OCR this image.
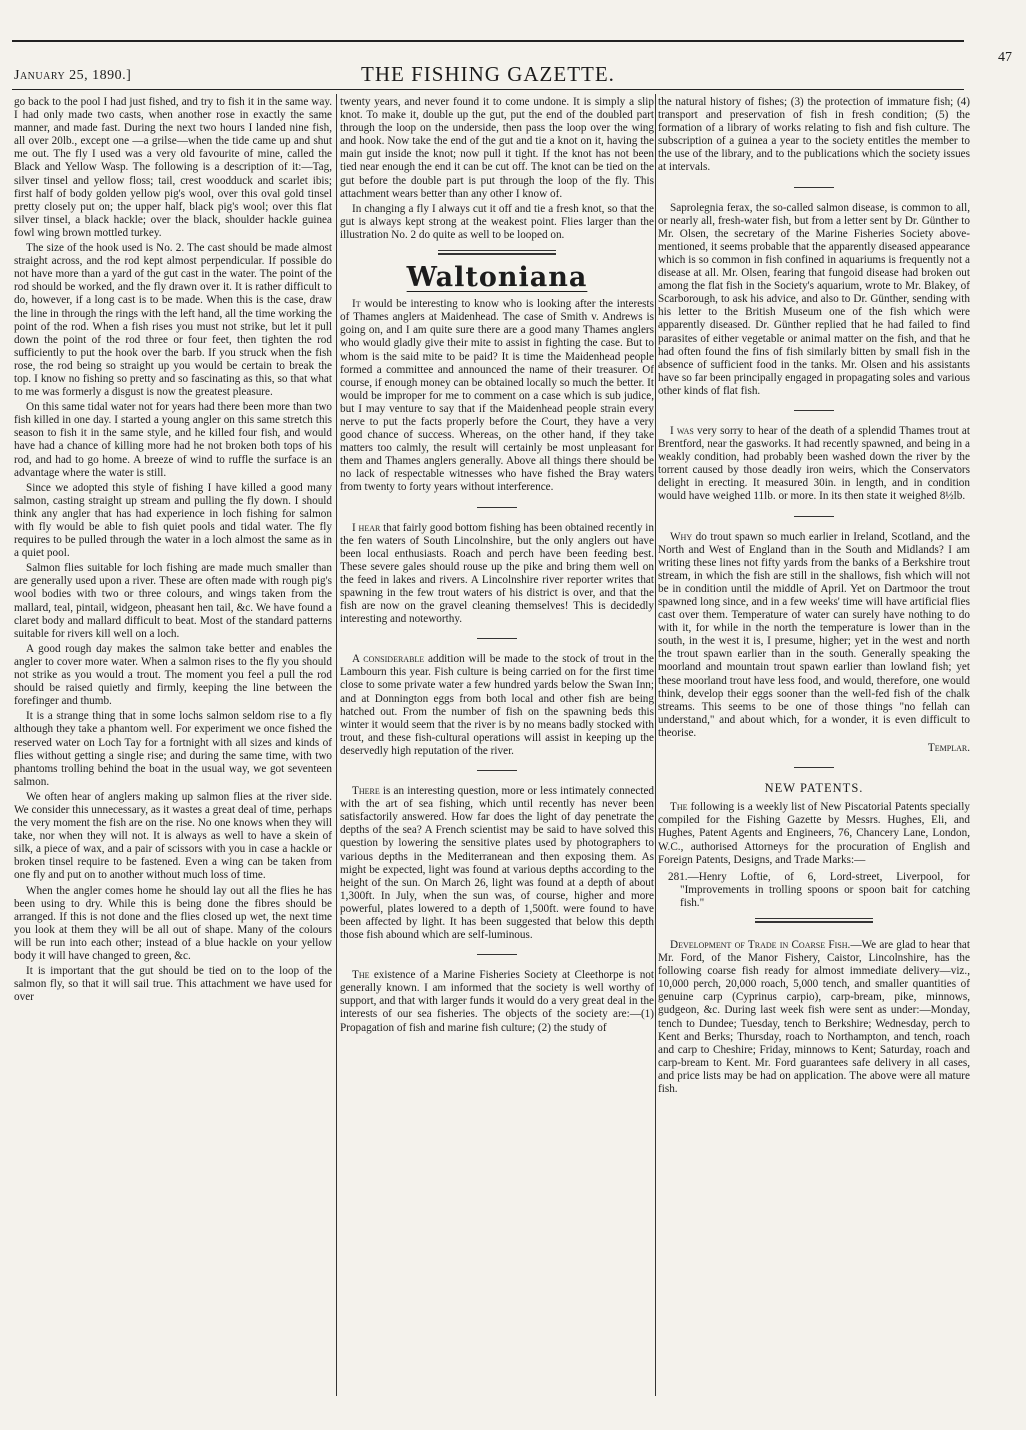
January 25, 1890.]	THE FISHING GAZETTE.
47

go back to the pool I had just fished, and try to fish it in the same way. I had only made two casts, when another rose in exactly the same manner, and made fast. During the next two hours I landed nine fish, all over 20lb., except one —a grilse—when the tide came up and shut me out. The fly I used was a very old favourite of mine, called the Black and Yellow Wasp. The following is a description of it:—Tag, silver tinsel and yellow floss; tail, crest woodduck and scarlet ibis; first half of body golden yellow pig's wool, over this oval gold tinsel pretty closely put on; the upper half, black pig's wool; over this flat silver tinsel, a black hackle; over the black, shoulder hackle guinea fowl wing brown mottled turkey.

The size of the hook used is No. 2. The cast should be made almost straight across, and the rod kept almost perpendicular. If possible do not have more than a yard of the gut cast in the water. The point of the rod should be worked, and the fly drawn over it. It is rather difficult to do, however, if a long cast is to be made. When this is the case, draw the line in through the rings with the left hand, all the time working the point of the rod. When a fish rises you must not strike, but let it pull down the point of the rod three or four feet, then tighten the rod sufficiently to put the hook over the barb. If you struck when the fish rose, the rod being so straight up you would be certain to break the top. I know no fishing so pretty and so fascinating as this, so that what to me was formerly a disgust is now the greatest pleasure.

On this same tidal water not for years had there been more than two fish killed in one day. I started a young angler on this same stretch this season to fish it in the same style, and he killed four fish, and would have had a chance of killing more had he not broken both tops of his rod, and had to go home. A breeze of wind to ruffle the surface is an advantage where the water is still.

Since we adopted this style of fishing I have killed a good many salmon, casting straight up stream and pulling the fly down. I should think any angler that has had experience in loch fishing for salmon with fly would be able to fish quiet pools and tidal water. The fly requires to be pulled through the water in a loch almost the same as in a quiet pool.

Salmon flies suitable for loch fishing are made much smaller than are generally used upon a river. These are often made with rough pig's wool bodies with two or three colours, and wings taken from the mallard, teal, pintail, widgeon, pheasant hen tail, &c. We have found a claret body and mallard difficult to beat. Most of the standard patterns suitable for rivers kill well on a loch.

A good rough day makes the salmon take better and enables the angler to cover more water. When a salmon rises to the fly you should not strike as you would a trout. The moment you feel a pull the rod should be raised quietly and firmly, keeping the line between the forefinger and thumb.

It is a strange thing that in some lochs salmon seldom rise to a fly although they take a phantom well. For experiment we once fished the reserved water on Loch Tay for a fortnight with all sizes and kinds of flies without getting a single rise; and during the same time, with two phantoms trolling behind the boat in the usual way, we got seventeen salmon.

We often hear of anglers making up salmon flies at the river side. We consider this unnecessary, as it wastes a great deal of time, perhaps the very moment the fish are on the rise. No one knows when they will take, nor when they will not. It is always as well to have a skein of silk, a piece of wax, and a pair of scissors with you in case a hackle or broken tinsel require to be fastened. Even a wing can be taken from one fly and put on to another without much loss of time.

When the angler comes home he should lay out all the flies he has been using to dry. While this is being done the fibres should be arranged. If this is not done and the flies closed up wet, the next time you look at them they will be all out of shape. Many of the colours will be run into each other; instead of a blue hackle on your yellow body it will have changed to green, &c.

It is important that the gut should be tied on to the loop of the salmon fly, so that it will sail true. This attachment we have used for over

twenty years, and never found it to come undone. It is simply a slip knot. To make it, double up the gut, put the end of the doubled part through the loop on the underside, then pass the loop over the wing and hook. Now take the end of the gut and tie a knot on it, having the main gut inside the knot; now pull it tight. If the knot has not been tied near enough the end it can be cut off. The knot can be tied on the gut before the double part is put through the loop of the fly. This attachment wears better than any other I know of.

In changing a fly I always cut it off and tie a fresh knot, so that the gut is always kept strong at the weakest point. Flies larger than the illustration No. 2 do quite as well to be looped on.

Waltoniana

It would be interesting to know who is looking after the interests of Thames anglers at Maidenhead. The case of Smith v. Andrews is going on, and I am quite sure there are a good many Thames anglers who would gladly give their mite to assist in fighting the case. But to whom is the said mite to be paid? It is time the Maidenhead people formed a committee and announced the name of their treasurer. Of course, if enough money can be obtained locally so much the better. It would be improper for me to comment on a case which is sub judice, but I may venture to say that if the Maidenhead people strain every nerve to put the facts properly before the Court, they have a very good chance of success. Whereas, on the other hand, if they take matters too calmly, the result will certainly be most unpleasant for them and Thames anglers generally. Above all things there should be no lack of respectable witnesses who have fished the Bray waters from twenty to forty years without interference.

I hear that fairly good bottom fishing has been obtained recently in the fen waters of South Lincolnshire, but the only anglers out have been local enthusiasts. Roach and perch have been feeding best. These severe gales should rouse up the pike and bring them well on the feed in lakes and rivers. A Lincolnshire river reporter writes that spawning in the few trout waters of his district is over, and that the fish are now on the gravel cleaning themselves! This is decidedly interesting and noteworthy.

A considerable addition will be made to the stock of trout in the Lambourn this year. Fish culture is being carried on for the first time close to some private water a few hundred yards below the Swan Inn; and at Donnington eggs from both local and other fish are being hatched out. From the number of fish on the spawning beds this winter it would seem that the river is by no means badly stocked with trout, and these fish-cultural operations will assist in keeping up the deservedly high reputation of the river.

There is an interesting question, more or less intimately connected with the art of sea fishing, which until recently has never been satisfactorily answered. How far does the light of day penetrate the depths of the sea? A French scientist may be said to have solved this question by lowering the sensitive plates used by photographers to various depths in the Mediterranean and then exposing them. As might be expected, light was found at various depths according to the height of the sun. On March 26, light was found at a depth of about 1,300ft. In July, when the sun was, of course, higher and more powerful, plates lowered to a depth of 1,500ft. were found to have been affected by light. It has been suggested that below this depth those fish abound which are self-luminous.

The existence of a Marine Fisheries Society at Cleethorpe is not generally known. I am informed that the society is well worthy of support, and that with larger funds it would do a very great deal in the interests of our sea fisheries. The objects of the society are:—(1) Propagation of fish and marine fish culture; (2) the study of

the natural history of fishes; (3) the protection of immature fish; (4) transport and preservation of fish in fresh condition; (5) the formation of a library of works relating to fish and fish culture. The subscription of a guinea a year to the society entitles the member to the use of the library, and to the publications which the society issues at intervals.

Saprolegnia ferax, the so-called salmon disease, is common to all, or nearly all, fresh-water fish, but from a letter sent by Dr. Günther to Mr. Olsen, the secretary of the Marine Fisheries Society above-mentioned, it seems probable that the apparently diseased appearance which is so common in fish confined in aquariums is frequently not a disease at all. Mr. Olsen, fearing that fungoid disease had broken out among the flat fish in the Society's aquarium, wrote to Mr. Blakey, of Scarborough, to ask his advice, and also to Dr. Günther, sending with his letter to the British Museum one of the fish which were apparently diseased. Dr. Günther replied that he had failed to find parasites of either vegetable or animal matter on the fish, and that he had often found the fins of fish similarly bitten by small fish in the absence of sufficient food in the tanks. Mr. Olsen and his assistants have so far been principally engaged in propagating soles and various other kinds of flat fish.

I was very sorry to hear of the death of a splendid Thames trout at Brentford, near the gasworks. It had recently spawned, and being in a weakly condition, had probably been washed down the river by the torrent caused by those deadly iron weirs, which the Conservators delight in erecting. It measured 30in. in length, and in condition would have weighed 11lb. or more. In its then state it weighed 8½lb.

Why do trout spawn so much earlier in Ireland, Scotland, and the North and West of England than in the South and Midlands? I am writing these lines not fifty yards from the banks of a Berkshire trout stream, in which the fish are still in the shallows, fish which will not be in condition until the middle of April. Yet on Dartmoor the trout spawned long since, and in a few weeks' time will have artificial flies cast over them. Temperature of water can surely have nothing to do with it, for while in the north the temperature is lower than in the south, in the west it is, I presume, higher; yet in the west and north the trout spawn earlier than in the south. Generally speaking the moorland and mountain trout spawn earlier than lowland fish; yet these moorland trout have less food, and would, therefore, one would think, develop their eggs sooner than the well-fed fish of the chalk streams. This seems to be one of those things "no fellah can understand," and about which, for a wonder, it is even difficult to theorise.

Templar.
NEW PATENTS.

The following is a weekly list of New Piscatorial Patents specially compiled for the Fishing Gazette by Messrs. Hughes, Eli, and Hughes, Patent Agents and Engineers, 76, Chancery Lane, London, W.C., authorised Attorneys for the procuration of English and Foreign Patents, Designs, and Trade Marks:—

281.—Henry Loftie, of 6, Lord-street, Liverpool, for "Improvements in trolling spoons or spoon bait for catching fish."

Development of Trade in Coarse Fish.—We are glad to hear that Mr. Ford, of the Manor Fishery, Caistor, Lincolnshire, has the following coarse fish ready for almost immediate delivery—viz., 10,000 perch, 20,000 roach, 5,000 tench, and smaller quantities of genuine carp (Cyprinus carpio), carp-bream, pike, minnows, gudgeon, &c. During last week fish were sent as under:—Monday, tench to Dundee; Tuesday, tench to Berkshire; Wednesday, perch to Kent and Berks; Thursday, roach to Northampton, and tench, roach and carp to Cheshire; Friday, minnows to Kent; Saturday, roach and carp-bream to Kent. Mr. Ford guarantees safe delivery in all cases, and price lists may be had on application. The above were all mature fish.
